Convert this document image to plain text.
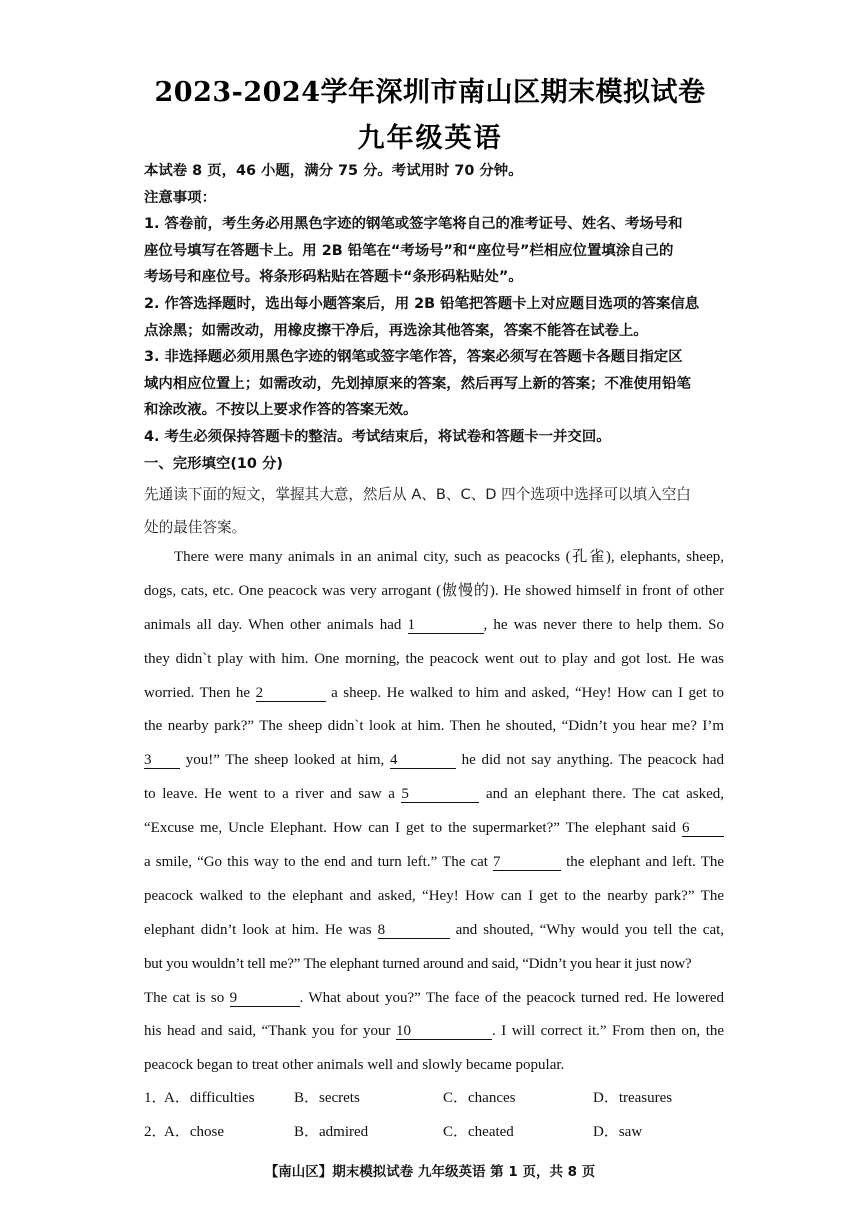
2023-2024学年深圳市南山区期末模拟试卷
九年级英语
本试卷 8 页，46 小题，满分 75 分。考试用时 70 分钟。
注意事项：
1. 答卷前，考生务必用黑色字迹的钢笔或签字笔将自己的准考证号、姓名、考场号和
座位号填写在答题卡上。用 2B 铅笔在“考场号”和“座位号”栏相应位置填涂自己的
考场号和座位号。将条形码粘贴在答题卡“条形码粘贴处”。
2. 作答选择题时，选出每小题答案后，用 2B 铅笔把答题卡上对应题目选项的答案信息
点涂黑；如需改动，用橡皮擦干净后，再选涂其他答案，答案不能答在试卷上。
3. 非选择题必须用黑色字迹的钢笔或签字笔作答，答案必须写在答题卡各题目指定区
域内相应位置上；如需改动，先划掉原来的答案，然后再写上新的答案；不准使用铅笔
和涂改液。不按以上要求作答的答案无效。
4. 考生必须保持答题卡的整洁。考试结束后，将试卷和答题卡一并交回。
一、完形填空(10 分)
先通读下面的短文，掌握其大意，然后从 A、B、C、D 四个选项中选择可以填入空白
处的最佳答案。
There were many animals in an animal city, such as peacocks (孔雀), elephants, sheep,
dogs, cats, etc. One peacock was very arrogant (傲慢的). He showed himself in front of other
animals all day. When other animals had 1	, he was never there to help them. So
they didn`t play with him. One morning, the peacock went out to play and got lost. He was
worried. Then he 2	a sheep. He walked to him and asked, “Hey! How can I get to
the nearby park?” The sheep didn`t look at him. Then he shouted, “Didn’t you hear me? I’m
3 you!” The sheep looked at him, 4	he did not say anything. The peacock had
to leave. He went to a river and saw a 5	and an elephant there. The cat asked,
“Excuse me, Uncle Elephant. How can I get to the supermarket?” The elephant said 6
a smile, “Go this way to the end and turn left.” The cat 7	the elephant and left. The
peacock walked to the elephant and asked, “Hey! How can I get to the nearby park?” The
elephant didn’t look at him. He was 8	and shouted, “Why would you tell the cat,
but you wouldn’t tell me?” The elephant turned around and said, “Didn’t you hear it just now?
The cat is so 9	. What about you?” The face of the peacock turned red. He lowered
his head and said, “Thank you for your 10	. I will correct it.” From then on, the
peacock began to treat other animals well and slowly became popular.
1．
A．difficulties	B．secrets	C．chances	D．treasures
2．
A．chose	B．admired	C．cheated	D．saw
【南山区】期末模拟试卷 九年级英语 第 1 页，共 8 页
